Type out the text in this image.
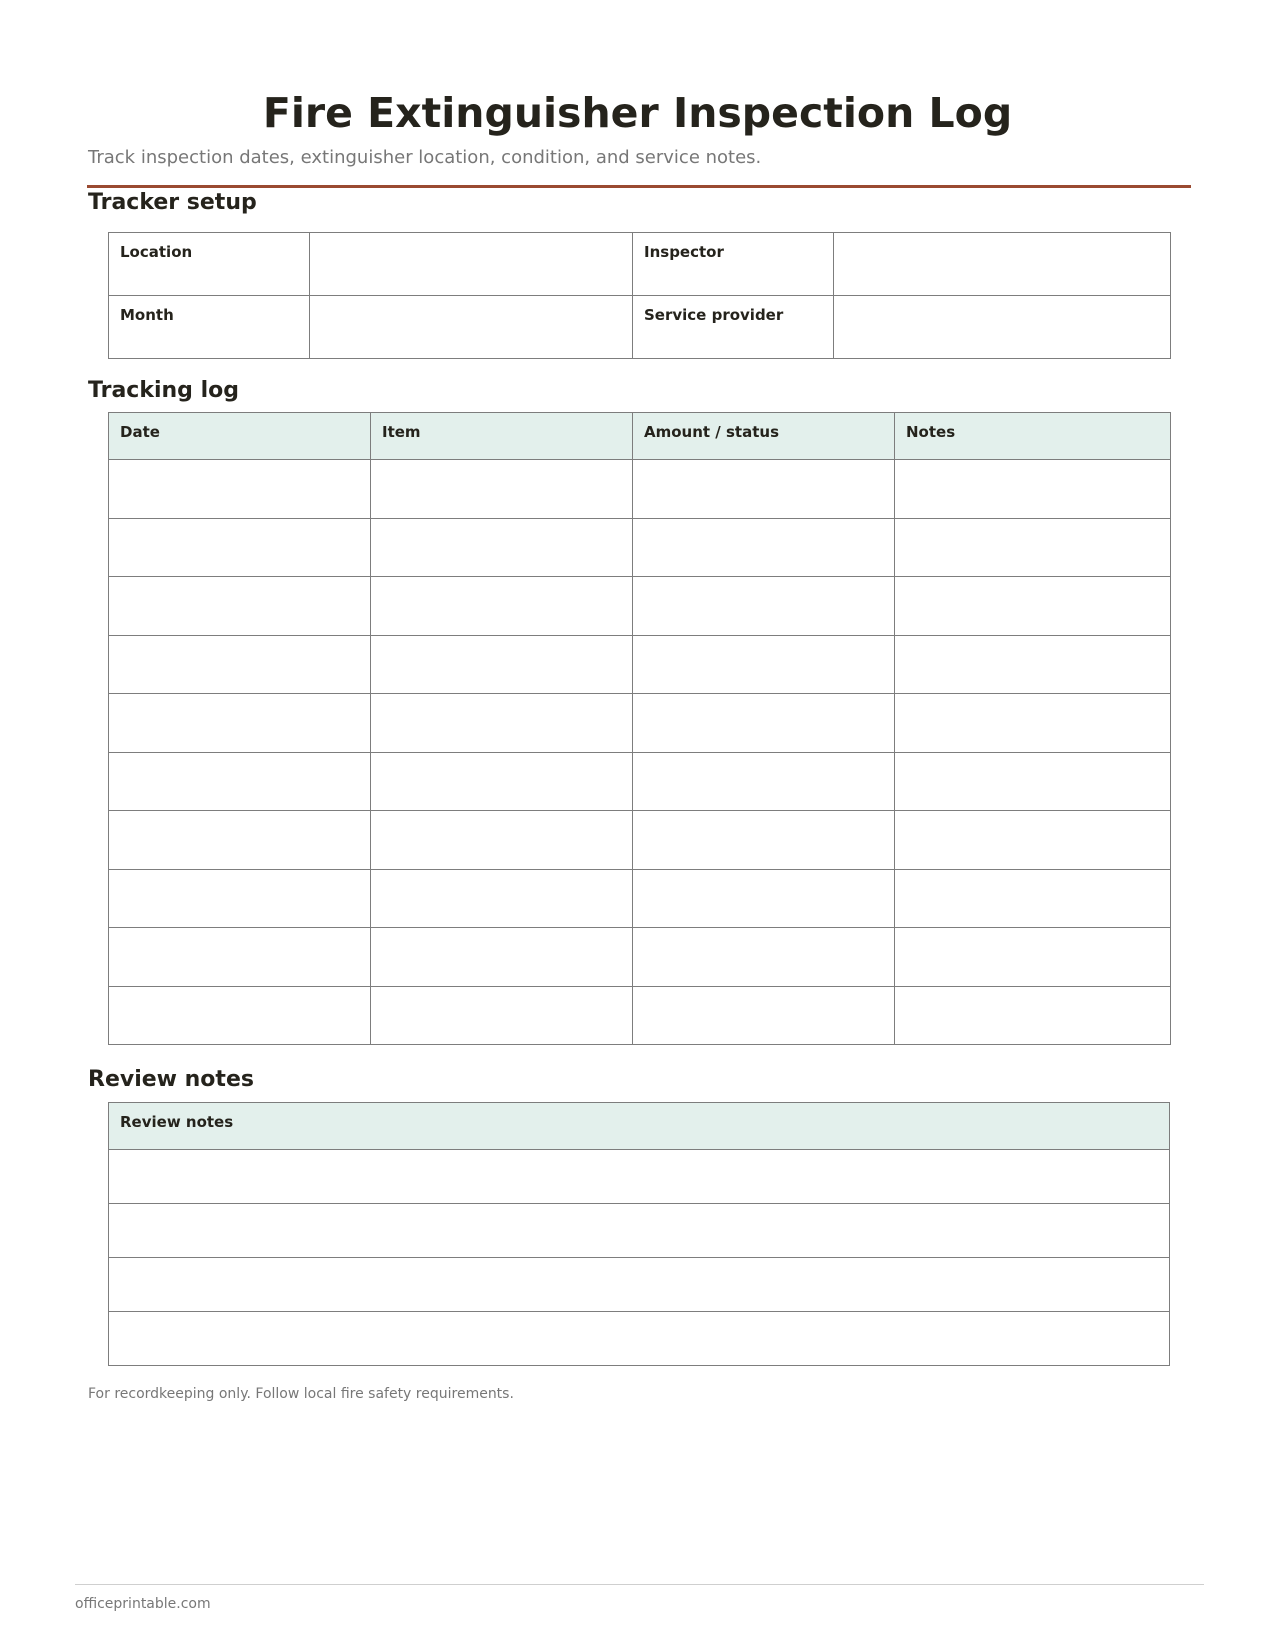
Fire Extinguisher Inspection Log

Track inspection dates, extinguisher location, condition, and service notes.

Tracker setup
Location		Inspector	

Month		Service provider	

Tracking log
Date	Item	Amount / status	Notes

Review notes
Review notes

For recordkeeping only. Follow local fire safety requirements.

officeprintable.com
